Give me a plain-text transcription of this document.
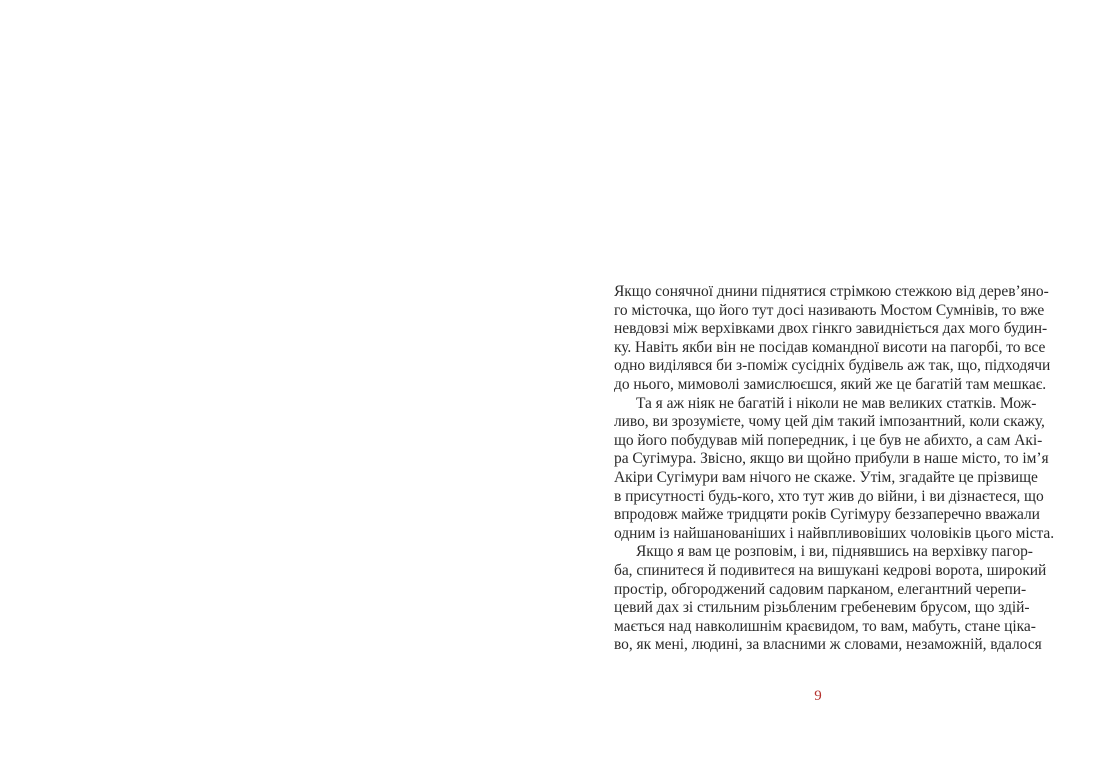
Якщо сонячної днини піднятися стрімкою стежкою від дерев’яно-
го місточка, що його тут досі називають Мостом Сумнівів, то вже
невдовзі між верхівками двох гінкго завидніється дах мого будин-
ку. Навіть якби він не посідав командної висоти на пагорбі, то все
одно виділявся би з-поміж сусідніх будівель аж так, що, підходячи
до нього, мимоволі замислюєшся, який же це багатій там мешкає.
Та я аж ніяк не багатій і ніколи не мав великих статків. Мож-
ливо, ви зрозумієте, чому цей дім такий імпозантний, коли скажу,
що його побудував мій попередник, і це був не абихто, а сам Акі-
ра Сугімура. Звісно, якщо ви щойно прибули в наше місто, то ім’я
Акіри Сугімури вам нічого не скаже. Утім, згадайте це прізвище
в присутності будь-кого, хто тут жив до війни, і ви дізнаєтеся, що
впродовж майже тридцяти років Сугімуру беззаперечно вважали
одним із найшанованіших і найвпливовіших чоловіків цього міста.
Якщо я вам це розповім, і ви, піднявшись на верхівку пагор-
ба, спинитеся й подивитеся на вишукані кедрові ворота, широкий
простір, обгороджений садовим парканом, елегантний черепи-
цевий дах зі стильним різьбленим гребеневим брусом, що здій-
мається над навколишнім краєвидом, то вам, мабуть, стане ціка-
во, як мені, людині, за власними ж словами, незаможній, вдалося
9
